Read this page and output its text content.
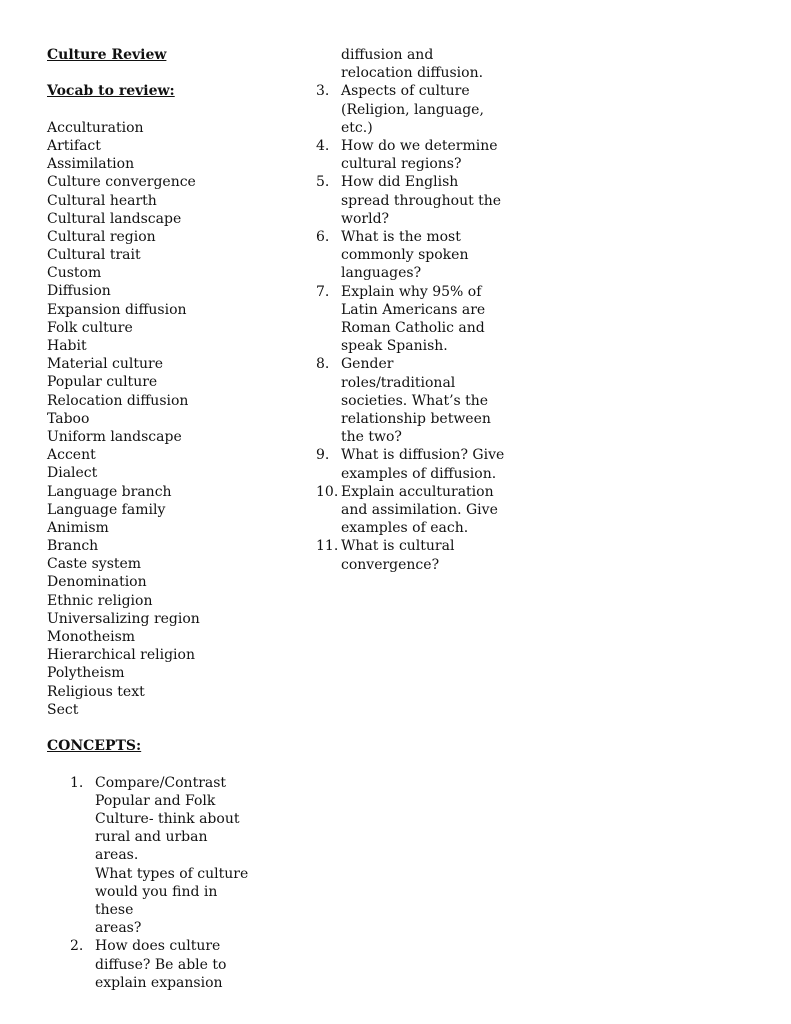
Culture Review
Vocab to review:
Acculturation
Artifact
Assimilation
Culture convergence
Cultural hearth
Cultural landscape
Cultural region
Cultural trait
Custom
Diffusion
Expansion diffusion
Folk culture
Habit
Material culture
Popular culture
Relocation diffusion
Taboo
Uniform landscape
Accent
Dialect
Language branch
Language family
Animism
Branch
Caste system
Denomination
Ethnic religion
Universalizing region
Monotheism
Hierarchical religion
Polytheism
Religious text
Sect
CONCEPTS:
1. Compare/Contrast
Popular and Folk
Culture- think about
rural and urban areas.
What types of culture
would you find in these
areas?
2. How does culture
diffuse? Be able to
explain expansion
diffusion and
relocation diffusion.
3. Aspects of culture
(Religion, language,
etc.)
4. How do we determine
cultural regions?
5. How did English
spread throughout the
world?
6. What is the most
commonly spoken
languages?
7. Explain why 95% of
Latin Americans are
Roman Catholic and
speak Spanish.
8. Gender
roles/traditional
societies. What’s the
relationship between
the two?
9. What is diffusion? Give
examples of diffusion.
10. Explain acculturation
and assimilation. Give
examples of each.
11. What is cultural
convergence?
